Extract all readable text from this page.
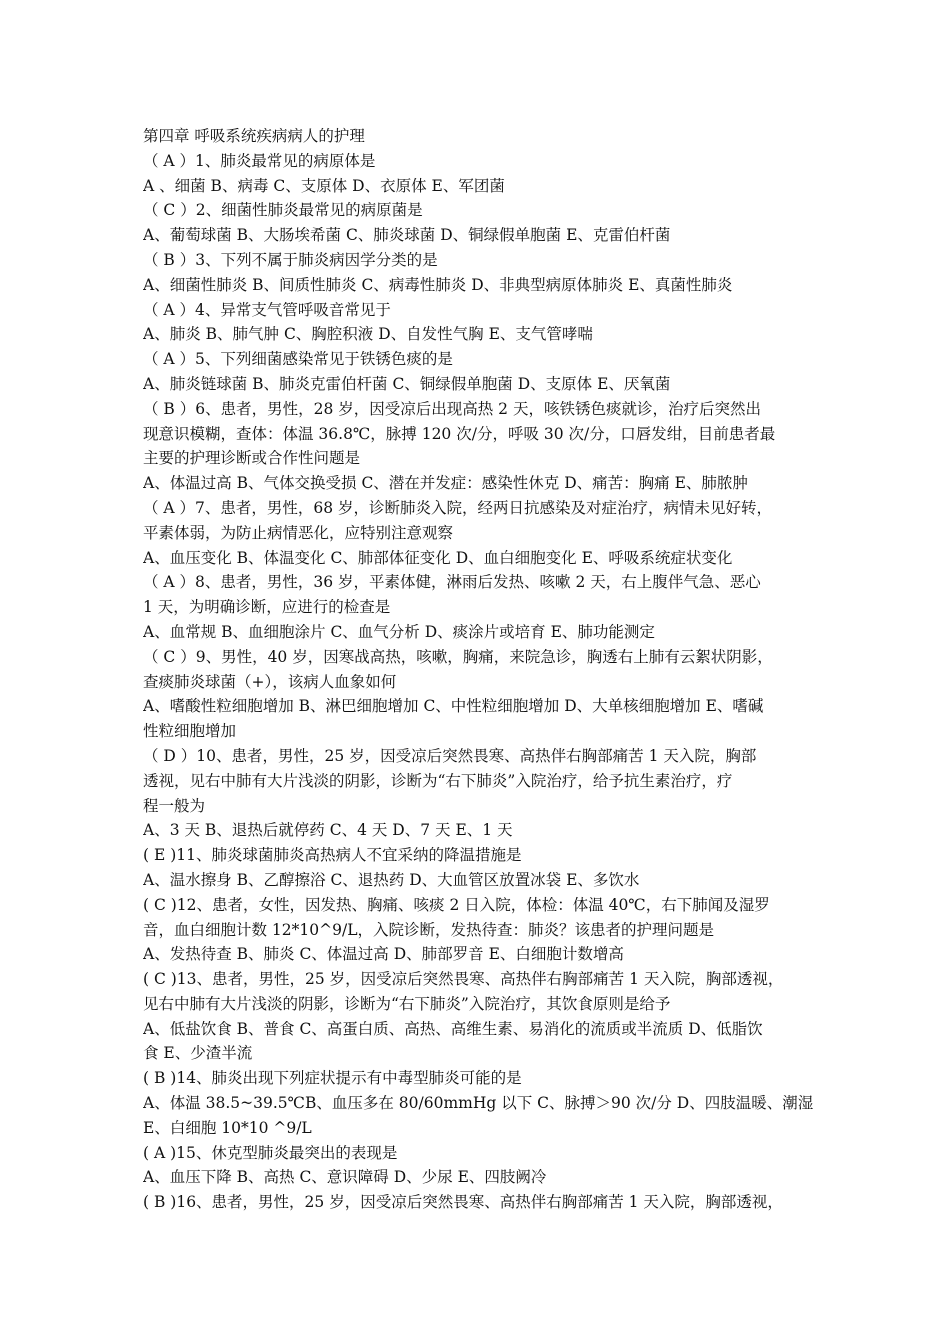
第四章 呼吸系统疾病病人的护理
（ A ）1、肺炎最常见的病原体是
A 、细菌 B、病毒 C、支原体 D、衣原体 E、军团菌
（ C ）2、细菌性肺炎最常见的病原菌是
A、葡萄球菌 B、大肠埃希菌 C、肺炎球菌 D、铜绿假单胞菌 E、克雷伯杆菌
（ B ）3、下列不属于肺炎病因学分类的是
A、细菌性肺炎 B、间质性肺炎 C、病毒性肺炎 D、非典型病原体肺炎 E、真菌性肺炎
（ A ）4、异常支气管呼吸音常见于
A、肺炎 B、肺气肿 C、胸腔积液 D、自发性气胸 E、支气管哮喘
（ A ）5、下列细菌感染常见于铁锈色痰的是
A、肺炎链球菌 B、肺炎克雷伯杆菌 C、铜绿假单胞菌 D、支原体 E、厌氧菌
（ B ）6、患者，男性，28 岁，因受凉后出现高热 2 天，咳铁锈色痰就诊，治疗后突然出
现意识模糊，查体：体温 36.8℃，脉搏 120 次/分，呼吸 30 次/分，口唇发绀，目前患者最
主要的护理诊断或合作性问题是
A、体温过高 B、气体交换受损 C、潜在并发症：感染性休克 D、痛苦：胸痛 E、肺脓肿
（ A ）7、患者，男性，68 岁，诊断肺炎入院，经两日抗感染及对症治疗，病情未见好转，
平素体弱，为防止病情恶化，应特别注意观察
A、血压变化 B、体温变化 C、肺部体征变化 D、血白细胞变化 E、呼吸系统症状变化
（ A ）8、患者，男性，36 岁，平素体健，淋雨后发热、咳嗽 2 天，右上腹伴气急、恶心
1 天，为明确诊断，应进行的检查是
A、血常规 B、血细胞涂片 C、血气分析 D、痰涂片或培育 E、肺功能测定
（ C ）9、男性，40 岁，因寒战高热，咳嗽，胸痛，来院急诊，胸透右上肺有云絮状阴影，
查痰肺炎球菌（+），该病人血象如何
A、嗜酸性粒细胞增加 B、淋巴细胞增加 C、中性粒细胞增加 D、大单核细胞增加 E、嗜碱
性粒细胞增加
（ D ）10、患者，男性，25 岁，因受凉后突然畏寒、高热伴右胸部痛苦 1 天入院，胸部
透视，见右中肺有大片浅淡的阴影，诊断为“右下肺炎”入院治疗，给予抗生素治疗，疗
程一般为
A、3 天 B、退热后就停药 C、4 天 D、7 天 E、1 天
( E )11、肺炎球菌肺炎高热病人不宜采纳的降温措施是
A、温水擦身 B、乙醇擦浴 C、退热药 D、大血管区放置冰袋 E、多饮水
( C )12、患者，女性，因发热、胸痛、咳痰 2 日入院，体检：体温 40℃，右下肺闻及湿罗
音，血白细胞计数 12*10^9/L，入院诊断，发热待查：肺炎？该患者的护理问题是
A、发热待查 B、肺炎 C、体温过高 D、肺部罗音 E、白细胞计数增高
( C )13、患者，男性，25 岁，因受凉后突然畏寒、高热伴右胸部痛苦 1 天入院，胸部透视，
见右中肺有大片浅淡的阴影，诊断为“右下肺炎”入院治疗，其饮食原则是给予
A、低盐饮食 B、普食 C、高蛋白质、高热、高维生素、易消化的流质或半流质 D、低脂饮
食 E、少渣半流
( B )14、肺炎出现下列症状提示有中毒型肺炎可能的是
A、体温 38.5~39.5℃B、血压多在 80/60mmHg 以下 C、脉搏＞90 次/分 D、四肢温暖、潮湿
E、白细胞 10*10 ^9/L
( A )15、休克型肺炎最突出的表现是
A、血压下降 B、高热 C、意识障碍 D、少尿 E、四肢阙冷
( B )16、患者，男性，25 岁，因受凉后突然畏寒、高热伴右胸部痛苦 1 天入院，胸部透视，
